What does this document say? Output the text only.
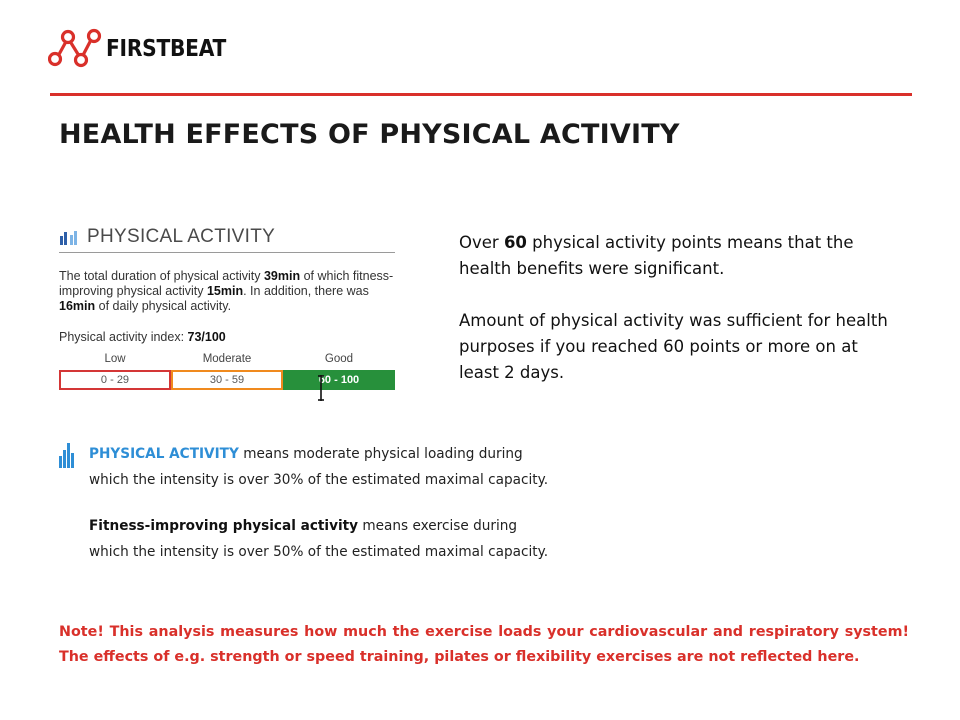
FIRSTBEAT
HEALTH EFFECTS OF PHYSICAL ACTIVITY
PHYSICAL ACTIVITY
The total duration of physical activity 39min of which fitness-improving physical activity 15min. In addition, there was 16min of daily physical activity.
Physical activity index: 73/100
Low	Moderate	Good
0 - 29	30 - 59	60 - 100

Over 60 physical activity points means that the health benefits were significant.

Amount of physical activity was sufficient for health purposes if you reached 60 points or more on at least 2 days.

PHYSICAL ACTIVITY means moderate physical loading during which the intensity is over 30% of the estimated maximal capacity.
Fitness-improving physical activity means exercise during which the intensity is over 50% of the estimated maximal capacity.
Note! This analysis measures how much the exercise loads your cardiovascular and respiratory system! The effects of e.g. strength or speed training, pilates or flexibility exercises are not reflected here.
